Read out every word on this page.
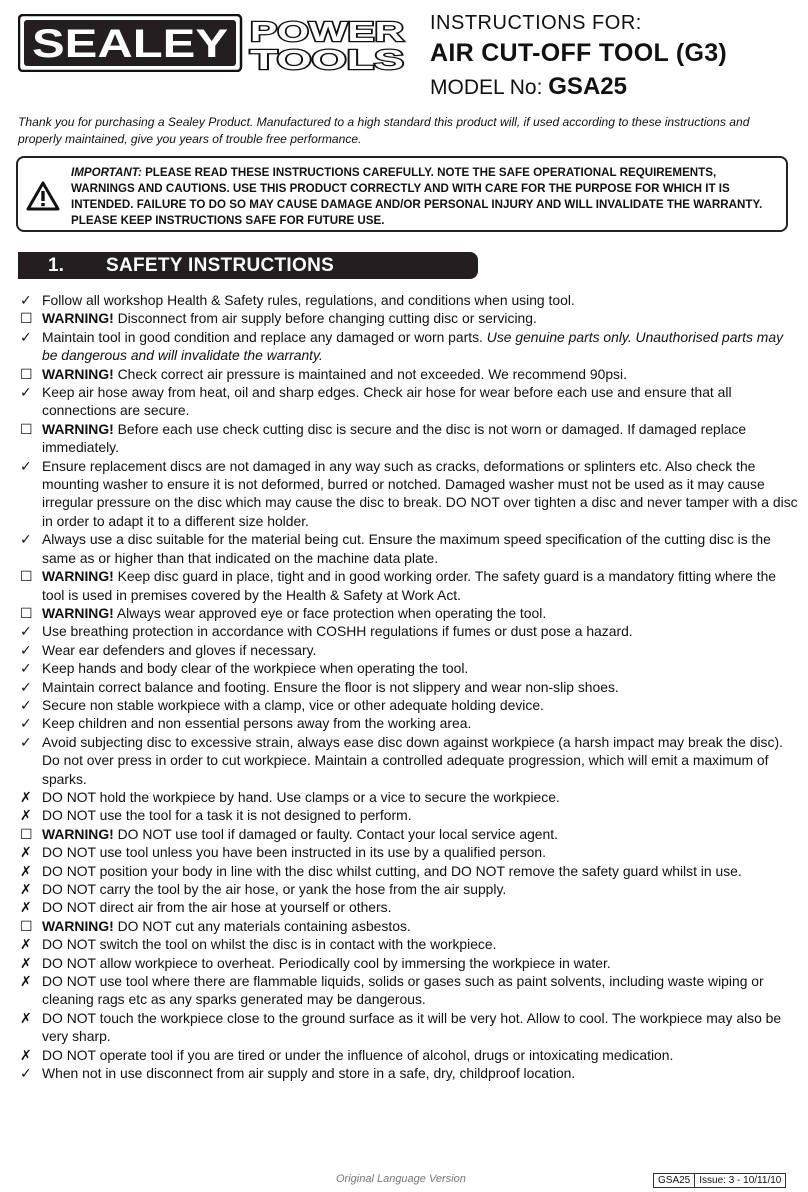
SEALEY POWER
TOOLS
INSTRUCTIONS FOR:
AIR CUT-OFF TOOL (G3)
MODEL No: GSA25
Thank you for purchasing a Sealey Product. Manufactured to a high standard this product will, if used according to these instructions and properly maintained, give you years of trouble free performance.
IMPORTANT: PLEASE READ THESE INSTRUCTIONS CAREFULLY. NOTE THE SAFE OPERATIONAL REQUIREMENTS, WARNINGS AND CAUTIONS. USE THIS PRODUCT CORRECTLY AND WITH CARE FOR THE PURPOSE FOR WHICH IT IS INTENDED. FAILURE TO DO SO MAY CAUSE DAMAGE AND/OR PERSONAL INJURY AND WILL INVALIDATE THE WARRANTY. PLEASE KEEP INSTRUCTIONS SAFE FOR FUTURE USE.
1. SAFETY INSTRUCTIONS
✓ Follow all workshop Health & Safety rules, regulations, and conditions when using tool.
☐ WARNING! Disconnect from air supply before changing cutting disc or servicing.
✓ Maintain tool in good condition and replace any damaged or worn parts. Use genuine parts only. Unauthorised parts may be dangerous and will invalidate the warranty.
☐ WARNING! Check correct air pressure is maintained and not exceeded. We recommend 90psi.
✓ Keep air hose away from heat, oil and sharp edges. Check air hose for wear before each use and ensure that all connections are secure.
☐ WARNING! Before each use check cutting disc is secure and the disc is not worn or damaged. If damaged replace immediately.
✓ Ensure replacement discs are not damaged in any way such as cracks, deformations or splinters etc. Also check the mounting washer to ensure it is not deformed, burred or notched. Damaged washer must not be used as it may cause irregular pressure on the disc which may cause the disc to break. DO NOT over tighten a disc and never tamper with a disc in order to adapt it to a different size holder.
✓ Always use a disc suitable for the material being cut. Ensure the maximum speed specification of the cutting disc is the same as or higher than that indicated on the machine data plate.
☐ WARNING! Keep disc guard in place, tight and in good working order. The safety guard is a mandatory fitting where the tool is used in premises covered by the Health & Safety at Work Act.
☐ WARNING! Always wear approved eye or face protection when operating the tool.
✓ Use breathing protection in accordance with COSHH regulations if fumes or dust pose a hazard.
✓ Wear ear defenders and gloves if necessary.
✓ Keep hands and body clear of the workpiece when operating the tool.
✓ Maintain correct balance and footing. Ensure the floor is not slippery and wear non-slip shoes.
✓ Secure non stable workpiece with a clamp, vice or other adequate holding device.
✓ Keep children and non essential persons away from the working area.
✓ Avoid subjecting disc to excessive strain, always ease disc down against workpiece (a harsh impact may break the disc). Do not over press in order to cut workpiece. Maintain a controlled adequate progression, which will emit a maximum of sparks.
✗ DO NOT hold the workpiece by hand. Use clamps or a vice to secure the workpiece.
✗ DO NOT use the tool for a task it is not designed to perform.
☐ WARNING! DO NOT use tool if damaged or faulty. Contact your local service agent.
✗ DO NOT use tool unless you have been instructed in its use by a qualified person.
✗ DO NOT position your body in line with the disc whilst cutting, and DO NOT remove the safety guard whilst in use.
✗ DO NOT carry the tool by the air hose, or yank the hose from the air supply.
✗ DO NOT direct air from the air hose at yourself or others.
☐ WARNING! DO NOT cut any materials containing asbestos.
✗ DO NOT switch the tool on whilst the disc is in contact with the workpiece.
✗ DO NOT allow workpiece to overheat. Periodically cool by immersing the workpiece in water.
✗ DO NOT use tool where there are flammable liquids, solids or gases such as paint solvents, including waste wiping or cleaning rags etc as any sparks generated may be dangerous.
✗ DO NOT touch the workpiece close to the ground surface as it will be very hot. Allow to cool. The workpiece may also be very sharp.
✗ DO NOT operate tool if you are tired or under the influence of alcohol, drugs or intoxicating medication.
✓ When not in use disconnect from air supply and store in a safe, dry, childproof location.
Original Language Version	GSA25 Issue: 3 - 10/11/10
